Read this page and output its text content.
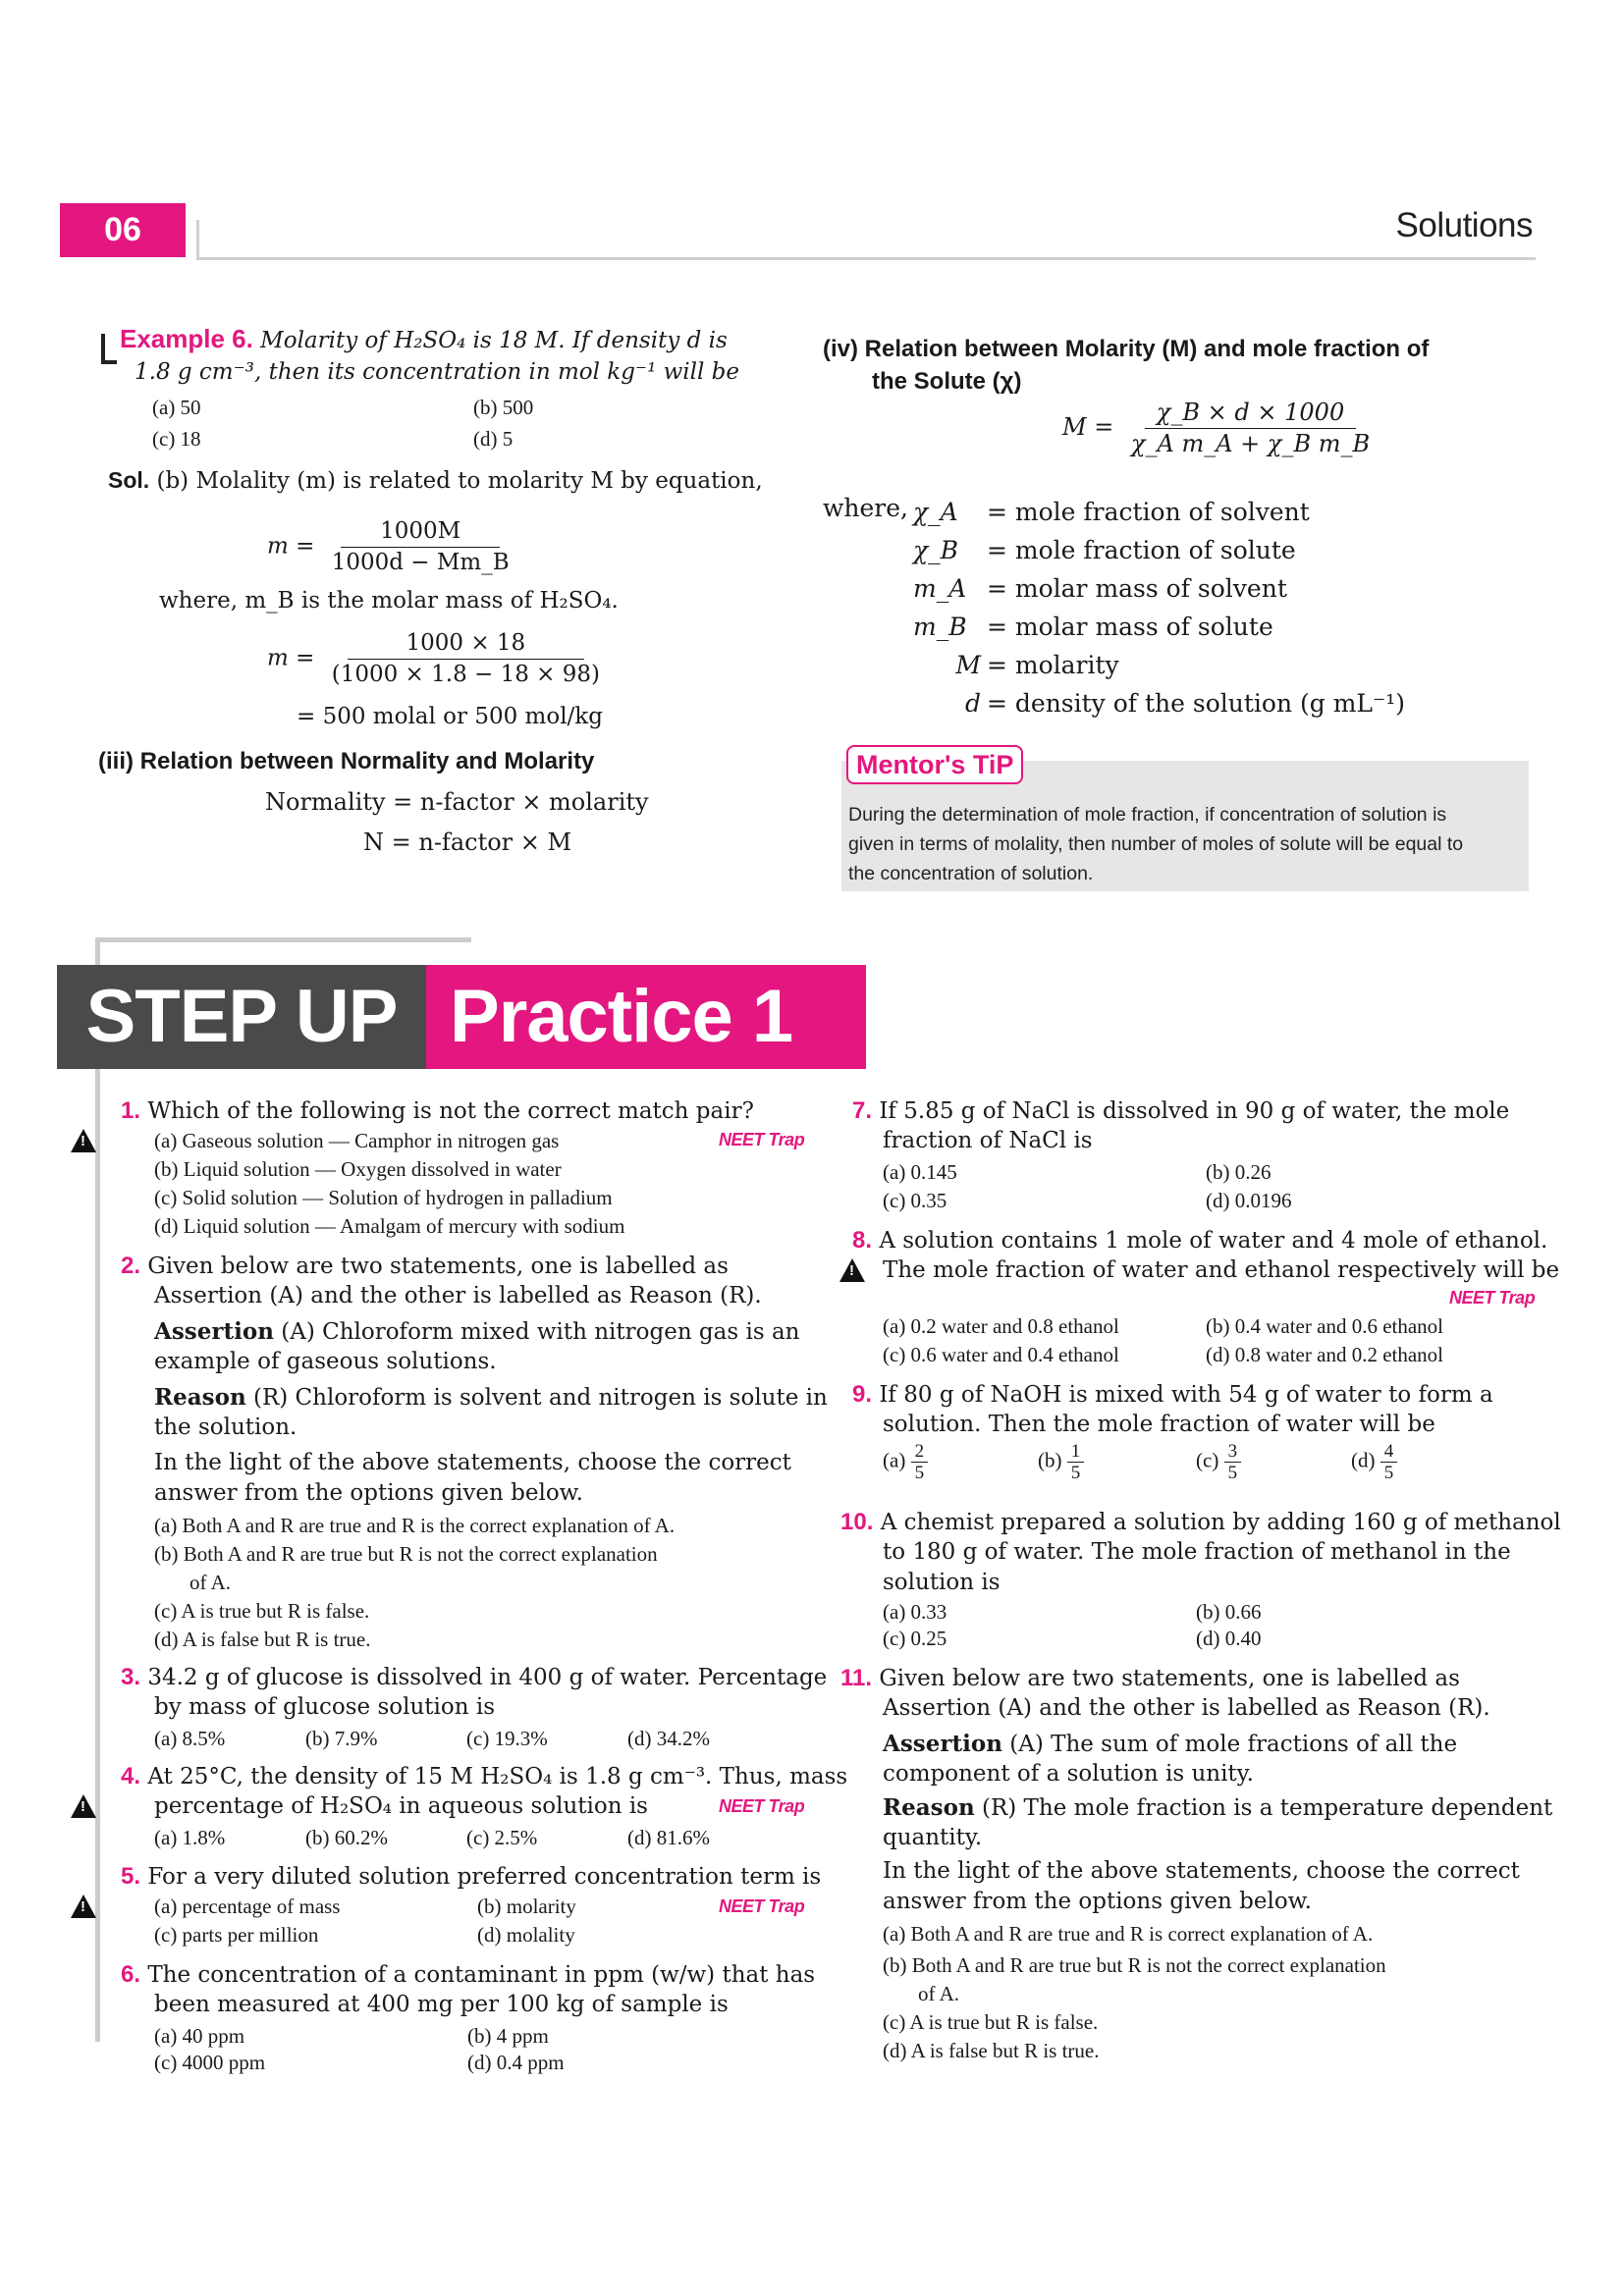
06	Solutions
Example 6. Molarity of H₂SO₄ is 18 M. If density d is
1.8 g cm⁻³, then its concentration in mol kg⁻¹ will be
(a) 50	(b) 500
(c) 18	(d) 5
Sol. (b) Molality (m) is related to molarity M by equation,
$m = \frac{1000M}{1000d - Mm\_B}$
where, m_B is the molar mass of H₂SO₄.
$m = \frac{1000 \times 18}{(1000 \times 1.8 - 18 \times 98)}$
= 500 molal or 500 mol/kg
(iii) Relation between Normality and Molarity
Normality = n-factor × molarity
N = n-factor × M
(iv) Relation between Molarity (M) and mole fraction of
the Solute (χ)
$M = \frac{\chi\_B \times d \times 1000}{\text{χ\_A m\_A + χ\_B m\_B}}$
where, χ_A = mole fraction of solvent
χ_B = mole fraction of solute
m_A = molar mass of solvent
m_B = molar mass of solute
M = molarity
d = density of the solution (g mL⁻¹)
Mentor's TiP
During the determination of mole fraction, if concentration of solution is
given in terms of molality, then number of moles of solute will be equal to
the concentration of solution.
STEP UP Practice 1
1. Which of the following is not the correct match pair?
!
(a) Gaseous solution — Camphor in nitrogen gas	NEET Trap
(b) Liquid solution — Oxygen dissolved in water
(c) Solid solution — Solution of hydrogen in palladium
(d) Liquid solution — Amalgam of mercury with sodium
2. Given below are two statements, one is labelled as
Assertion (A) and the other is labelled as Reason (R).
Assertion (A) Chloroform mixed with nitrogen gas is an
example of gaseous solutions.
Reason (R) Chloroform is solvent and nitrogen is solute in
the solution.
In the light of the above statements, choose the correct
answer from the options given below.
(a) Both A and R are true and R is the correct explanation of A.
(b) Both A and R are true but R is not the correct explanation
of A.
(c) A is true but R is false.
(d) A is false but R is true.
3. 34.2 g of glucose is dissolved in 400 g of water. Percentage
by mass of glucose solution is
(a) 8.5%	(b) 7.9%	(c) 19.3%	(d) 34.2%
4. At 25°C, the density of 15 M H₂SO₄ is 1.8 g cm⁻³. Thus, mass
!
percentage of H₂SO₄ in aqueous solution is	NEET Trap
(a) 1.8%	(b) 60.2%	(c) 2.5%	(d) 81.6%
5. For a very diluted solution preferred concentration term is
!
(a) percentage of mass	(b) molarity	NEET Trap
(c) parts per million	(d) molality
6. The concentration of a contaminant in ppm (w/w) that has
been measured at 400 mg per 100 kg of sample is
(a) 40 ppm	(b) 4 ppm
(c) 4000 ppm	(d) 0.4 ppm
7. If 5.85 g of NaCl is dissolved in 90 g of water, the mole
fraction of NaCl is
(a) 0.145	(b) 0.26
(c) 0.35	(d) 0.0196
8. A solution contains 1 mole of water and 4 mole of ethanol.
!
The mole fraction of water and ethanol respectively will be
NEET Trap
(a) 0.2 water and 0.8 ethanol	(b) 0.4 water and 0.6 ethanol
(c) 0.6 water and 0.4 ethanol	(d) 0.8 water and 0.2 ethanol
9. If 80 g of NaOH is mixed with 54 g of water to form a
solution. Then the mole fraction of water will be
$(a) \frac{2}{5}$	$(b) \frac{1}{5}$	$(c) \frac{3}{5}$	$(d) \frac{4}{5}$
10. A chemist prepared a solution by adding 160 g of methanol
to 180 g of water. The mole fraction of methanol in the
solution is
(a) 0.33	(b) 0.66
(c) 0.25	(d) 0.40
11. Given below are two statements, one is labelled as
Assertion (A) and the other is labelled as Reason (R).
Assertion (A) The sum of mole fractions of all the
component of a solution is unity.
Reason (R) The mole fraction is a temperature dependent
quantity.
In the light of the above statements, choose the correct
answer from the options given below.
(a) Both A and R are true and R is correct explanation of A.
(b) Both A and R are true but R is not the correct explanation
of A.
(c) A is true but R is false.
(d) A is false but R is true.
